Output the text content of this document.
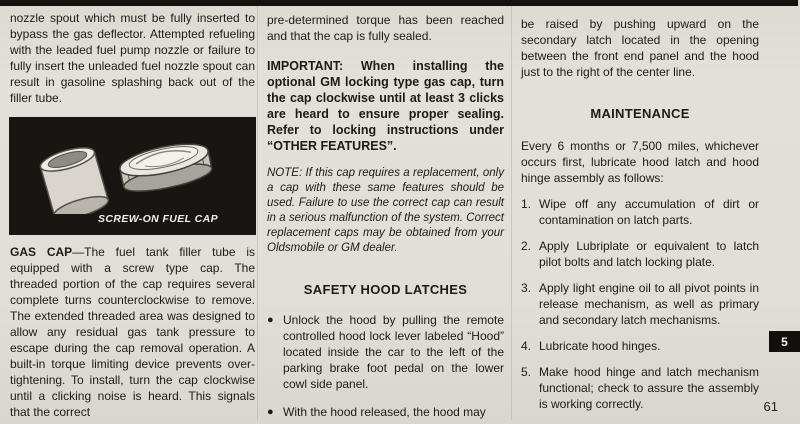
nozzle spout which must be fully inserted to bypass the gas deflector. Attempted refueling with the leaded fuel pump nozzle or failure to fully insert the unleaded fuel nozzle spout can result in gasoline splashing back out of the filler tube.
SCREW-ON FUEL CAP
GAS CAP—The fuel tank filler tube is equipped with a screw type cap. The threaded portion of the cap requires several complete turns counterclockwise to remove. The extended threaded area was designed to allow any residual gas tank pressure to escape during the cap removal operation. A built-in torque limiting device prevents over-tightening. To install, turn the cap clockwise until a clicking noise is heard. This signals that the correct
pre-determined torque has been reached and that the cap is fully sealed.
IMPORTANT: When installing the optional GM locking type gas cap, turn the cap clockwise until at least 3 clicks are heard to ensure proper sealing. Refer to locking instructions under “OTHER FEATURES”.
NOTE: If this cap requires a replacement, only a cap with these same features should be used. Failure to use the correct cap can result in a serious malfunction of the system. Correct replacement caps may be obtained from your Oldsmobile or GM dealer.
SAFETY HOOD LATCHES
● Unlock the hood by pulling the remote controlled hood lock lever labeled “Hood” located inside the car to the left of the parking brake foot pedal on the lower cowl side panel.
● With the hood released, the hood may
be raised by pushing upward on the secondary latch located in the opening between the front end panel and the hood just to the right of the center line.
MAINTENANCE
Every 6 months or 7,500 miles, whichever occurs first, lubricate hood latch and hood hinge assembly as follows:
1. Wipe off any accumulation of dirt or contamination on latch parts.
2. Apply Lubriplate or equivalent to latch pilot bolts and latch locking plate.
3. Apply light engine oil to all pivot points in release mechanism, as well as primary and secondary latch mechanisms.
4. Lubricate hood hinges.
5. Make hood hinge and latch mechanism functional; check to assure the assembly is working correctly.
5
61
